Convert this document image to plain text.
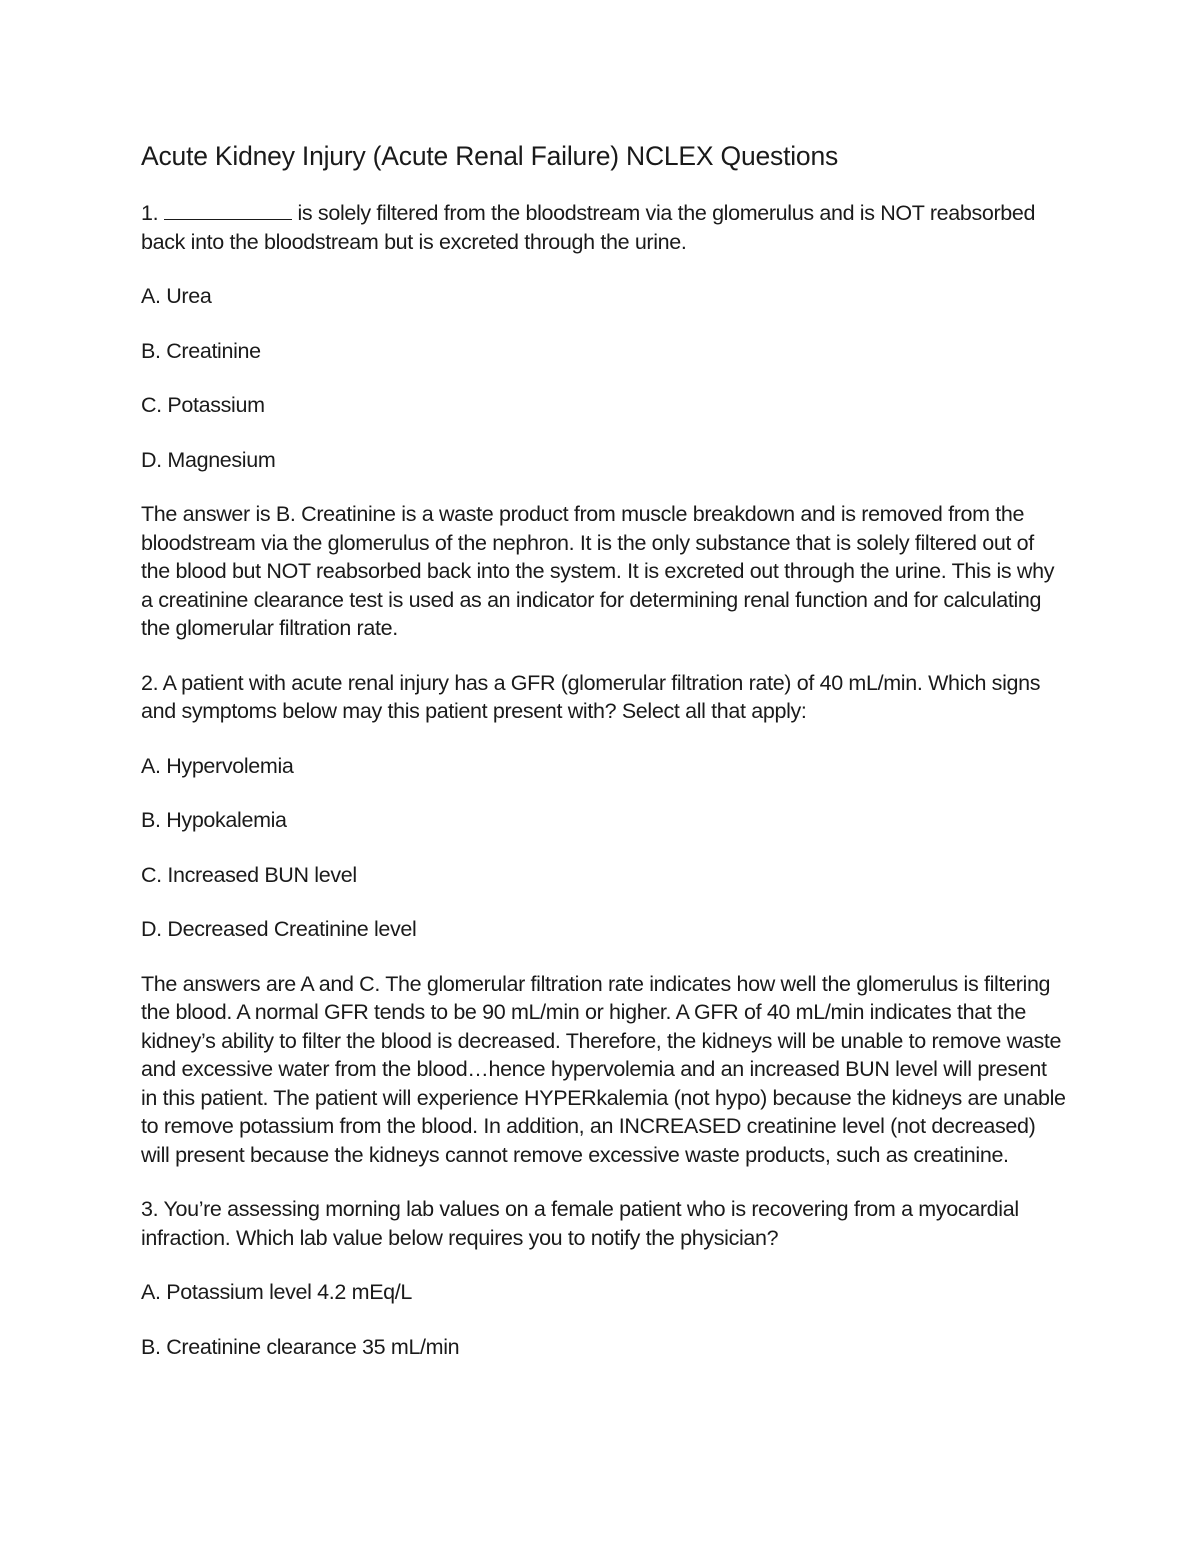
Acute Kidney Injury (Acute Renal Failure) NCLEX Questions

1.	is solely filtered from the bloodstream via the glomerulus and is NOT reabsorbed back into the bloodstream but is excreted through the urine.

A. Urea

B. Creatinine

C. Potassium

D. Magnesium

The answer is B. Creatinine is a waste product from muscle breakdown and is removed from the bloodstream via the glomerulus of the nephron. It is the only substance that is solely filtered out of the blood but NOT reabsorbed back into the system. It is excreted out through the urine. This is why a creatinine clearance test is used as an indicator for determining renal function and for calculating the glomerular filtration rate.

2. A patient with acute renal injury has a GFR (glomerular filtration rate) of 40 mL/min. Which signs and symptoms below may this patient present with? Select all that apply:

A. Hypervolemia

B. Hypokalemia

C. Increased BUN level

D. Decreased Creatinine level

The answers are A and C. The glomerular filtration rate indicates how well the glomerulus is filtering the blood. A normal GFR tends to be 90 mL/min or higher. A GFR of 40 mL/min indicates that the kidney’s ability to filter the blood is decreased. Therefore, the kidneys will be unable to remove waste and excessive water from the blood…hence hypervolemia and an increased BUN level will present in this patient. The patient will experience HYPERkalemia (not hypo) because the kidneys are unable to remove potassium from the blood. In addition, an INCREASED creatinine level (not decreased) will present because the kidneys cannot remove excessive waste products, such as creatinine.

3. You’re assessing morning lab values on a female patient who is recovering from a myocardial infraction. Which lab value below requires you to notify the physician?

A. Potassium level 4.2 mEq/L

B. Creatinine clearance 35 mL/min
